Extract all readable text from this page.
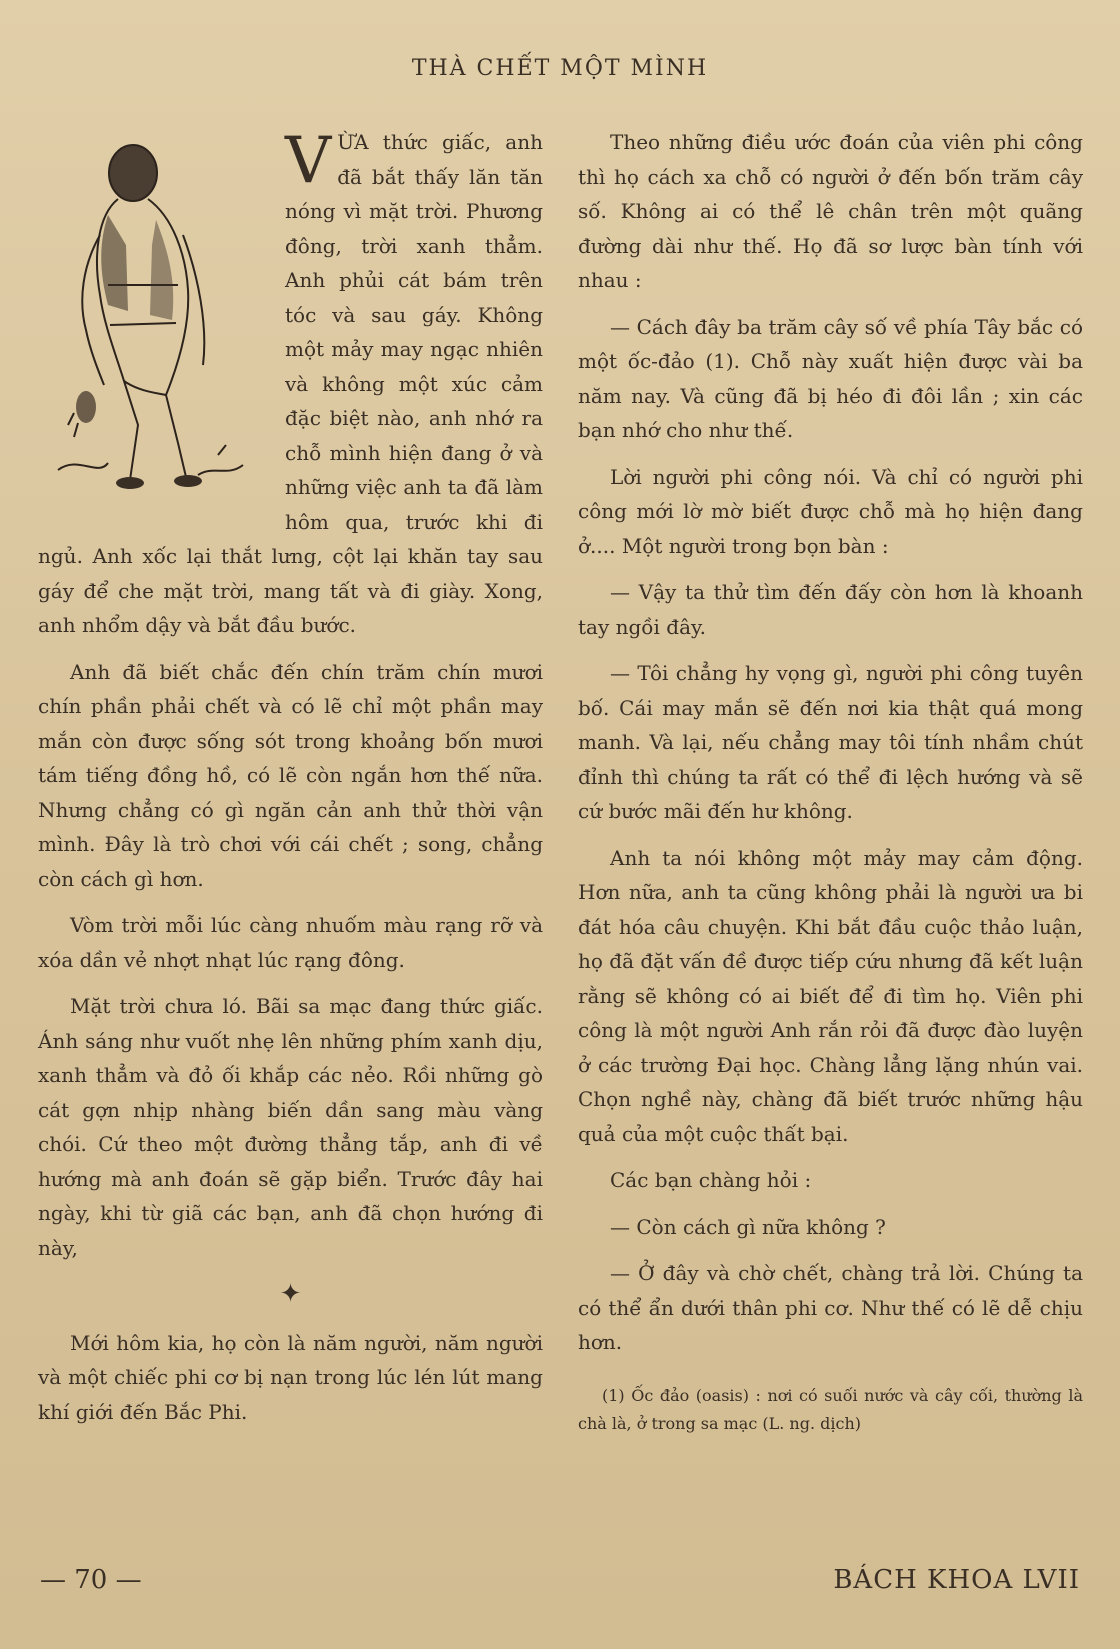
THÀ CHẾT MỘT MÌNH

VỪA thức giấc, anh đã bắt thấy lăn tăn nóng vì mặt trời. Phương đông, trời xanh thẳm. Anh phủi cát bám trên tóc và sau gáy. Không một mảy may ngạc nhiên và không một xúc cảm đặc biệt nào, anh nhớ ra chỗ mình hiện đang ở và những việc anh ta đã làm hôm qua, trước khi đi ngủ. Anh xốc lại thắt lưng, cột lại khăn tay sau gáy để che mặt trời, mang tất và đi giày. Xong, anh nhổm dậy và bắt đầu bước.

Anh đã biết chắc đến chín trăm chín mươi chín phần phải chết và có lẽ chỉ một phần may mắn còn được sống sót trong khoảng bốn mươi tám tiếng đồng hồ, có lẽ còn ngắn hơn thế nữa. Nhưng chẳng có gì ngăn cản anh thử thời vận mình. Đây là trò chơi với cái chết ; song, chẳng còn cách gì hơn.

Vòm trời mỗi lúc càng nhuốm màu rạng rỡ và xóa dần vẻ nhợt nhạt lúc rạng đông.

Mặt trời chưa ló. Bãi sa mạc đang thức giấc. Ánh sáng như vuốt nhẹ lên những phím xanh dịu, xanh thẳm và đỏ ối khắp các nẻo. Rồi những gò cát gợn nhịp nhàng biến dần sang màu vàng chói. Cứ theo một đường thẳng tắp, anh đi về hướng mà anh đoán sẽ gặp biển. Trước đây hai ngày, khi từ giã các bạn, anh đã chọn hướng đi này,

✦

Mới hôm kia, họ còn là năm người, năm người và một chiếc phi cơ bị nạn trong lúc lén lút mang khí giới đến Bắc Phi.

Theo những điều ước đoán của viên phi công thì họ cách xa chỗ có người ở đến bốn trăm cây số. Không ai có thể lê chân trên một quãng đường dài như thế. Họ đã sơ lược bàn tính với nhau :

— Cách đây ba trăm cây số về phía Tây bắc có một ốc-đảo (1). Chỗ này xuất hiện được vài ba năm nay. Và cũng đã bị héo đi đôi lần ; xin các bạn nhớ cho như thế.

Lời người phi công nói. Và chỉ có người phi công mới lờ mờ biết được chỗ mà họ hiện đang ở.... Một người trong bọn bàn :

— Vậy ta thử tìm đến đấy còn hơn là khoanh tay ngồi đây.

— Tôi chẳng hy vọng gì, người phi công tuyên bố. Cái may mắn sẽ đến nơi kia thật quá mong manh. Và lại, nếu chẳng may tôi tính nhầm chút đỉnh thì chúng ta rất có thể đi lệch hướng và sẽ cứ bước mãi đến hư không.

Anh ta nói không một mảy may cảm động. Hơn nữa, anh ta cũng không phải là người ưa bi đát hóa câu chuyện. Khi bắt đầu cuộc thảo luận, họ đã đặt vấn đề được tiếp cứu nhưng đã kết luận rằng sẽ không có ai biết để đi tìm họ. Viên phi công là một người Anh rắn rỏi đã được đào luyện ở các trường Đại học. Chàng lẳng lặng nhún vai. Chọn nghề này, chàng đã biết trước những hậu quả của một cuộc thất bại.

Các bạn chàng hỏi :

— Còn cách gì nữa không ?

— Ở đây và chờ chết, chàng trả lời. Chúng ta có thể ẩn dưới thân phi cơ. Như thế có lẽ dễ chịu hơn.

(1) Ốc đảo (oasis) : nơi có suối nước và cây cối, thường là chà là, ở trong sa mạc (L. ng. dịch)
— 70 —	BÁCH KHOA LVII
